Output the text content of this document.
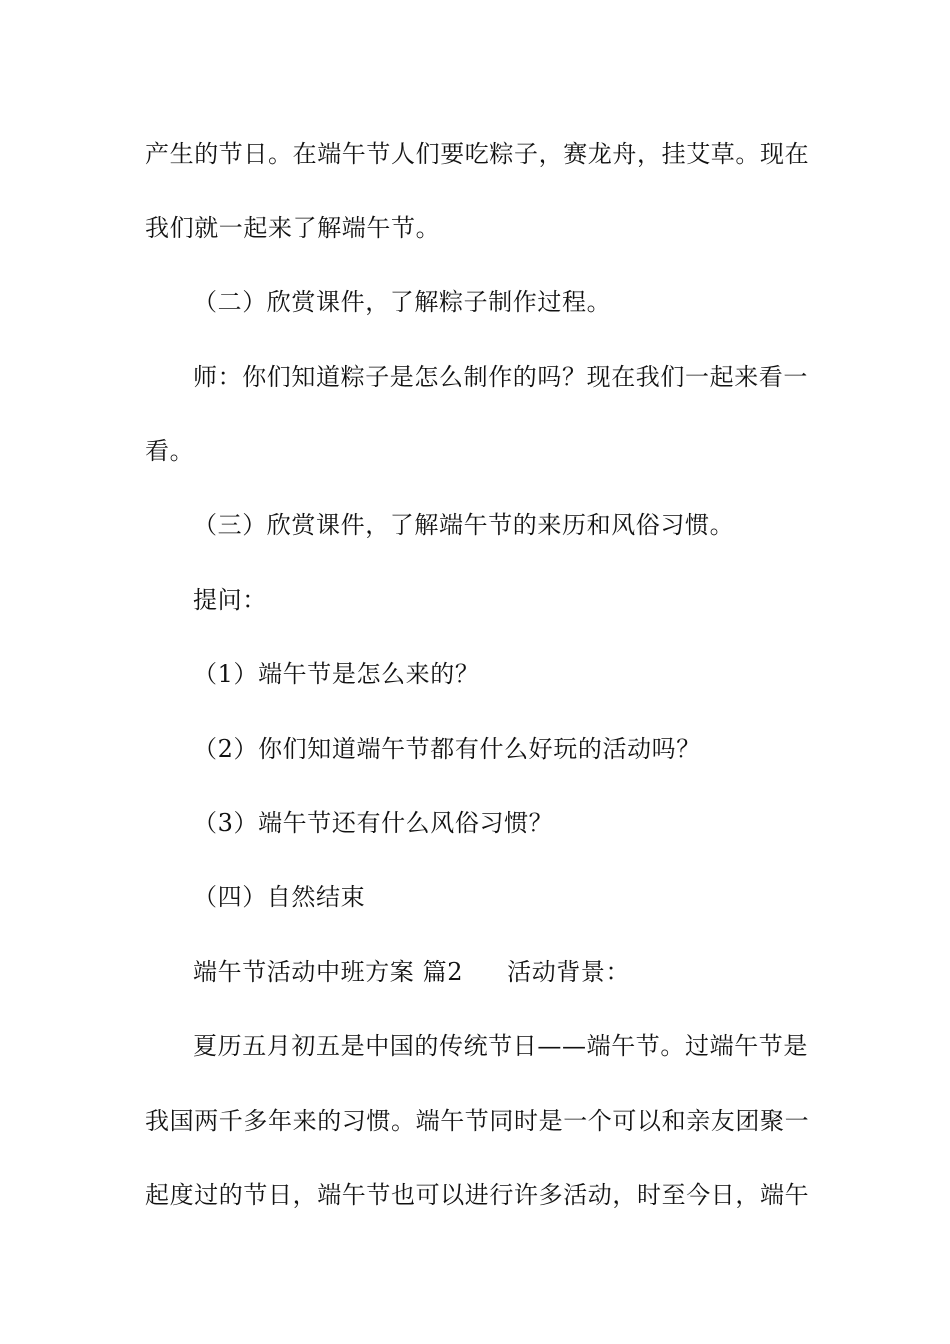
产生的节日。在端午节人们要吃粽子，赛龙舟，挂艾草。现在
我们就一起来了解端午节。
（二）欣赏课件，了解粽子制作过程。
师：你们知道粽子是怎么制作的吗？现在我们一起来看一
看。
（三）欣赏课件，了解端午节的来历和风俗习惯。
提问：
（1）端午节是怎么来的？
（2）你们知道端午节都有什么好玩的活动吗？
（3）端午节还有什么风俗习惯？
（四）自然结束
端午节活动中班方案 篇2 活动背景：
夏历五月初五是中国的传统节日——端午节。过端午节是
我国两千多年来的习惯。端午节同时是一个可以和亲友团聚一
起度过的节日，端午节也可以进行许多活动，时至今日，端午
